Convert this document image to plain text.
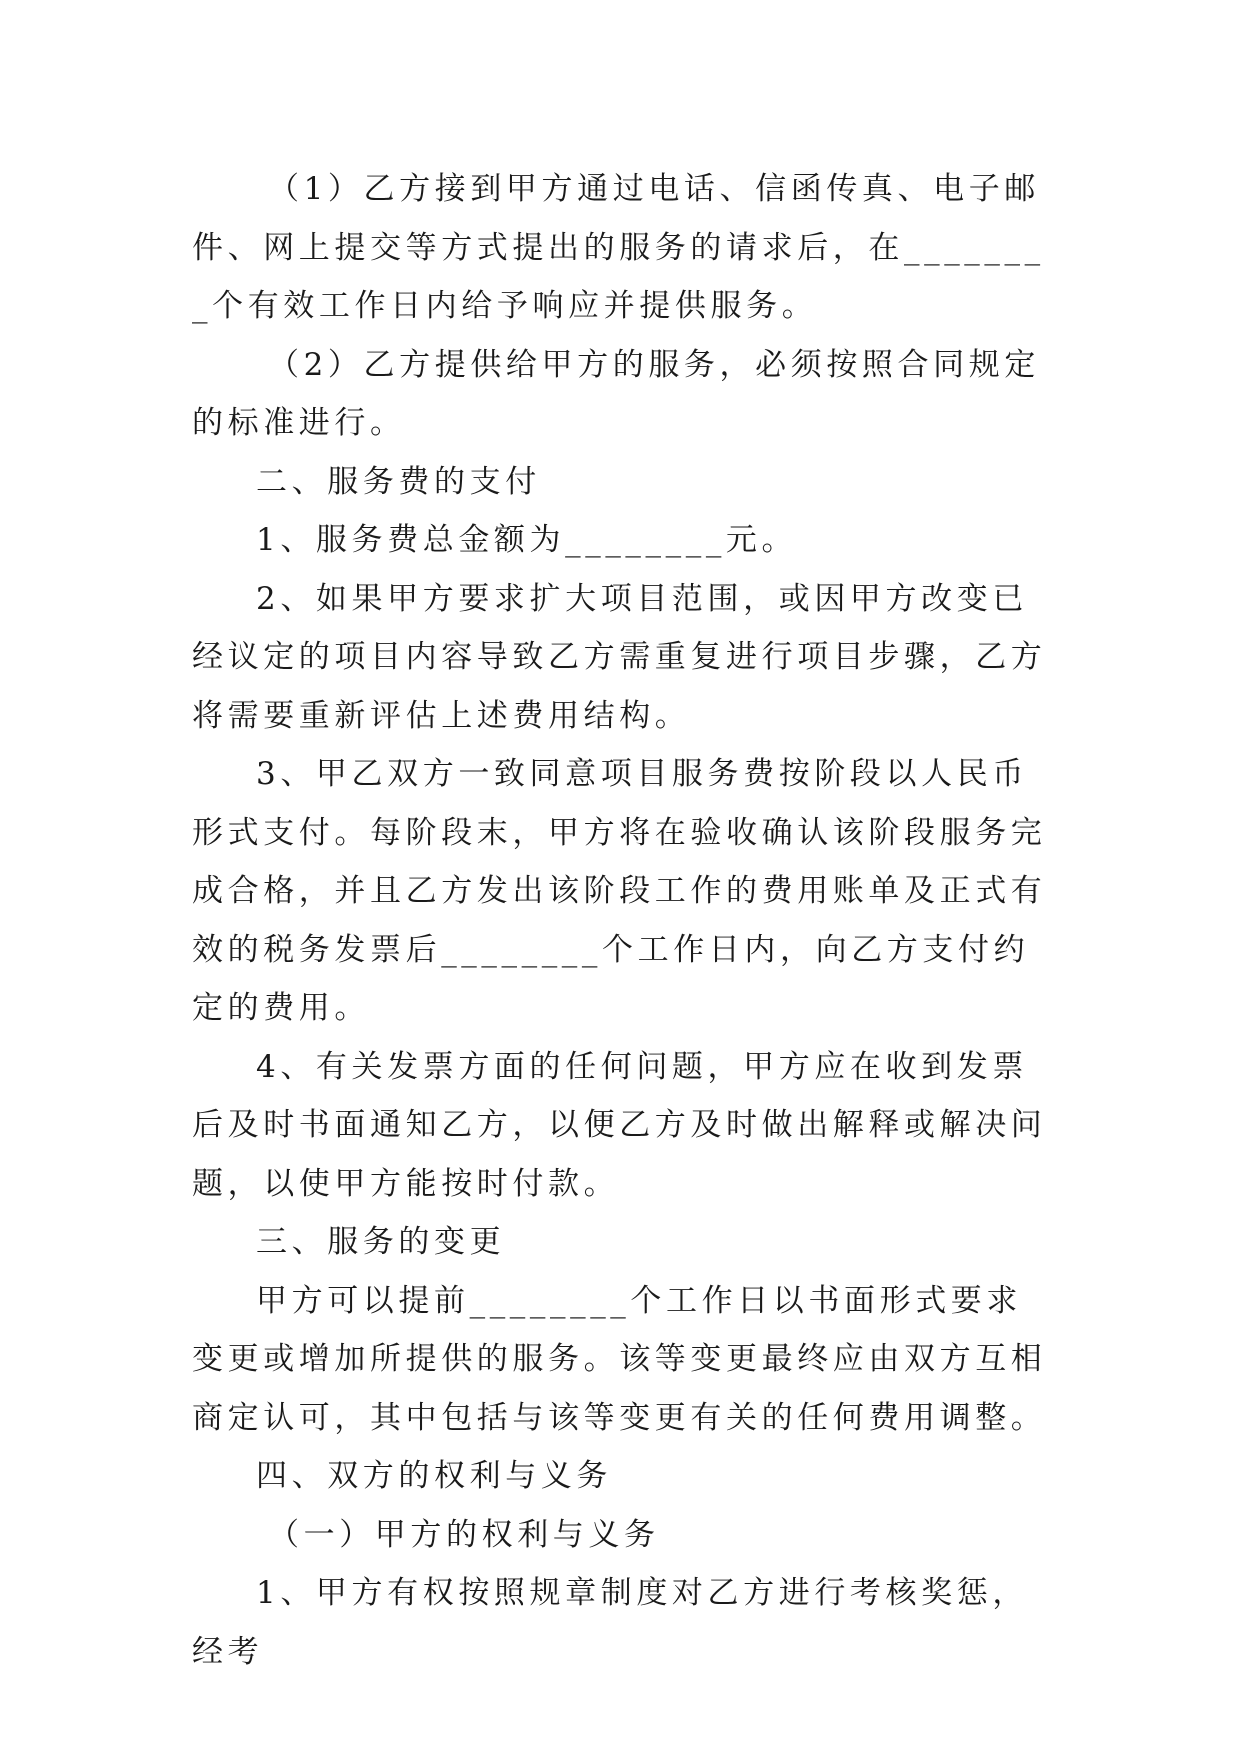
（1）乙方接到甲方通过电话、信函传真、电子邮件、网上提交等方式提出的服务的请求后，在________个有效工作日内给予响应并提供服务。

（2）乙方提供给甲方的服务，必须按照合同规定的标准进行。

二、服务费的支付

1、服务费总金额为________元。

2、如果甲方要求扩大项目范围，或因甲方改变已经议定的项目内容导致乙方需重复进行项目步骤，乙方将需要重新评估上述费用结构。

3、甲乙双方一致同意项目服务费按阶段以人民币形式支付。每阶段末，甲方将在验收确认该阶段服务完成合格，并且乙方发出该阶段工作的费用账单及正式有效的税务发票后________个工作日内，向乙方支付约定的费用。

4、有关发票方面的任何问题，甲方应在收到发票后及时书面通知乙方，以便乙方及时做出解释或解决问题，以使甲方能按时付款。

三、服务的变更

甲方可以提前________个工作日以书面形式要求变更或增加所提供的服务。该等变更最终应由双方互相商定认可，其中包括与该等变更有关的任何费用调整。

四、双方的权利与义务

（一）甲方的权利与义务

1、甲方有权按照规章制度对乙方进行考核奖惩，经考
